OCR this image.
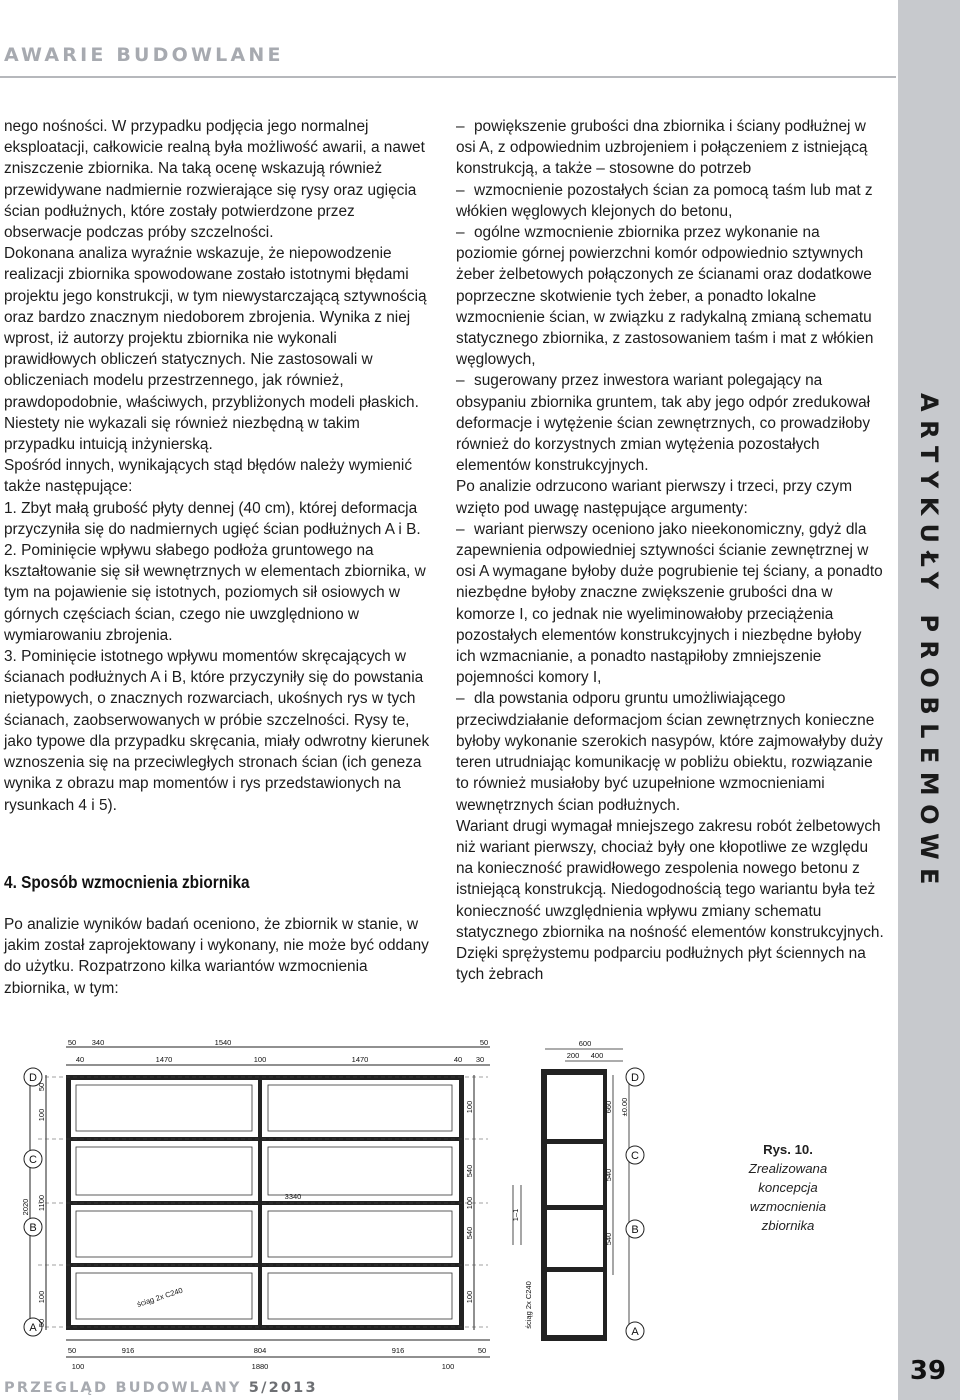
AWARIE BUDOWLANE
ARTYKUŁY PROBLEMOWE

nego nośności. W przypadku podjęcia jego normalnej eksploatacji, całkowicie realną była możliwość awarii, a nawet zniszczenie zbiornika. Na taką ocenę wskazują również przewidywane nadmiernie rozwierające się rysy oraz ugięcia ścian podłużnych, które zostały potwierdzone przez obserwacje podczas próby szczelności.

Dokonana analiza wyraźnie wskazuje, że niepowodzenie realizacji zbiornika spowodowane zostało istotnymi błędami projektu jego konstrukcji, w tym niewystarczającą sztywnością oraz bardzo znacznym niedoborem zbrojenia. Wynika z niej wprost, iż autorzy projektu zbiornika nie wykonali prawidłowych obliczeń statycznych. Nie zastosowali w obliczeniach modelu przestrzennego, jak również, prawdopodobnie, właściwych, przybliżonych modeli płaskich. Niestety nie wykazali się również niezbędną w takim przypadku intuicją inżynierską.

Spośród innych, wynikających stąd błędów należy wymienić także następujące:

1. Zbyt małą grubość płyty dennej (40 cm), której deformacja przyczyniła się do nadmiernych ugięć ścian podłużnych A i B.

2. Pominięcie wpływu słabego podłoża gruntowego na kształtowanie się sił wewnętrznych w elementach zbiornika, w tym na pojawienie się istotnych, poziomych sił osiowych w górnych częściach ścian, czego nie uwzględniono w wymiarowaniu zbrojenia.

3. Pominięcie istotnego wpływu momentów skręcających w ścianach podłużnych A i B, które przyczyniły się do powstania nietypowych, o znacznych rozwarciach, ukośnych rys w tych ścianach, zaobserwowanych w próbie szczelności. Rysy te, jako typowe dla przypadku skręcania, miały odwrotny kierunek wznoszenia się na przeciwległych stronach ścian (ich geneza wynika z obrazu map momentów i rys przedstawionych na rysunkach 4 i 5).

4. Sposób wzmocnienia zbiornika

Po analizie wyników badań oceniono, że zbiornik w stanie, w jakim został zaprojektowany i wykonany, nie może być oddany do użytku. Rozpatrzono kilka wariantów wzmocnienia zbiornika, w tym:

– powiększenie grubości dna zbiornika i ściany podłużnej w osi A, z odpowiednim uzbrojeniem i połączeniem z istniejącą konstrukcją, a także – stosowne do potrzeb

– wzmocnienie pozostałych ścian za pomocą taśm lub mat z włókien węglowych klejonych do betonu,

– ogólne wzmocnienie zbiornika przez wykonanie na poziomie górnej powierzchni komór odpowiednio sztywnych żeber żelbetowych połączonych ze ścianami oraz dodatkowe poprzeczne skotwienie tych żeber, a ponadto lokalne wzmocnienie ścian, w związku z radykalną zmianą schematu statycznego zbiornika, z zastosowaniem taśm i mat z włókien węglowych,

– sugerowany przez inwestora wariant polegający na obsypaniu zbiornika gruntem, tak aby jego odpór zredukował deformacje i wytężenie ścian zewnętrznych, co prowadziłoby również do korzystnych zmian wytężenia pozostałych elementów konstrukcyjnych.

Po analizie odrzucono wariant pierwszy i trzeci, przy czym wzięto pod uwagę następujące argumenty:

– wariant pierwszy oceniono jako nieekonomiczny, gdyż dla zapewnienia odpowiedniej sztywności ścianie zewnętrznej w osi A wymagane byłoby duże pogrubienie tej ściany, a ponadto niezbędne byłoby znaczne zwiększenie grubości dna w komorze I, co jednak nie wyeliminowałoby przeciążenia pozostałych elementów konstrukcyjnych i niezbędne byłoby ich wzmacnianie, a ponadto nastąpiłoby zmniejszenie pojemności komory I,

– dla powstania odporu gruntu umożliwiającego przeciwdziałanie deformacjom ścian zewnętrznych konieczne byłoby wykonanie szerokich nasypów, które zajmowałyby duży teren utrudniając komunikację w pobliżu obiektu, rozwiązanie to również musiałoby być uzupełnione wzmocnieniami wewnętrznych ścian podłużnych.

Wariant drugi wymagał mniejszego zakresu robót żelbetowych niż wariant pierwszy, chociaż były one kłopotliwe ze względu na konieczność prawidłowego zespolenia nowego betonu z istniejącą konstrukcją. Niedogodnością tego wariantu była też konieczność uwzględnienia wpływu zmiany schematu statycznego zbiornika na nośność elementów konstrukcyjnych. Dzięki sprężystemu podparciu podłużnych płyt ściennych na tych żebrach

D
C
B
A
50 340	1540	50
40	1470	100	1470	40 30
50	916	804	916	50
100	1880	100
3340
2020
50
100
1100
100
50
100
540
100
540
100
ściąg 2x C240
D
C
B
A
600
200 400
660
540
540
±0.00
1–1
ściąg 2x C240
Rys. 10.
Zrealizowana koncepcja wzmocnienia zbiornika
PRZEGLĄD BUDOWLANY 5/2013
39
